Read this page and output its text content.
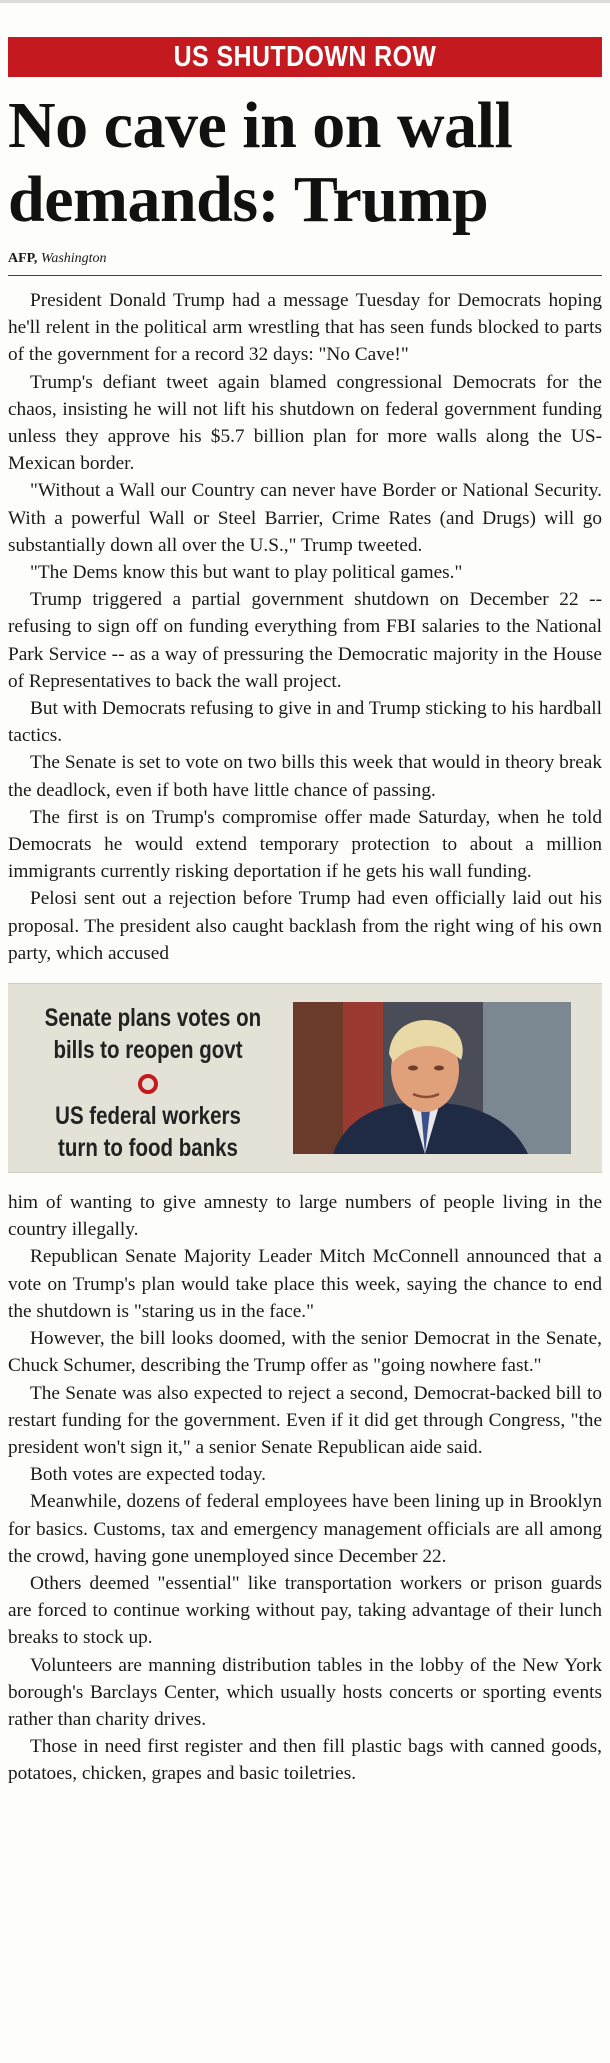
US SHUTDOWN ROW
No cave in on wall
demands: Trump
AFP, Washington

President Donald Trump had a message Tuesday for Democrats hoping he'll relent in the political arm wrestling that has seen funds blocked to parts of the government for a record 32 days: "No Cave!"

Trump's defiant tweet again blamed congressional Democrats for the chaos, insisting he will not lift his shutdown on federal government funding unless they approve his $5.7 billion plan for more walls along the US-Mexican border.

"Without a Wall our Country can never have Border or National Security. With a powerful Wall or Steel Barrier, Crime Rates (and Drugs) will go substantially down all over the U.S.," Trump tweeted.

"The Dems know this but want to play political games."

Trump triggered a partial government shutdown on December 22 -- refusing to sign off on funding everything from FBI salaries to the National Park Service -- as a way of pressuring the Democratic majority in the House of Representatives to back the wall project.

But with Democrats refusing to give in and Trump sticking to his hardball tactics.

The Senate is set to vote on two bills this week that would in theory break the deadlock, even if both have little chance of passing.

The first is on Trump's compromise offer made Saturday, when he told Democrats he would extend temporary protection to about a million immigrants currently risking deportation if he gets his wall funding.

Pelosi sent out a rejection before Trump had even officially laid out his proposal. The president also caught backlash from the right wing of his own party, which accused

Senate plans votes on
bills to reopen govt
US federal workers
turn to food banks

him of wanting to give amnesty to large numbers of people living in the country illegally.

Republican Senate Majority Leader Mitch McConnell announced that a vote on Trump's plan would take place this week, saying the chance to end the shutdown is "staring us in the face."

However, the bill looks doomed, with the senior Democrat in the Senate, Chuck Schumer, describing the Trump offer as "going nowhere fast."

The Senate was also expected to reject a second, Democrat-backed bill to restart funding for the government. Even if it did get through Congress, "the president won't sign it," a senior Senate Republican aide said.

Both votes are expected today.

Meanwhile, dozens of federal employees have been lining up in Brooklyn for basics. Customs, tax and emergency management officials are all among the crowd, having gone unemployed since December 22.

Others deemed "essential" like transportation workers or prison guards are forced to continue working without pay, taking advantage of their lunch breaks to stock up.

Volunteers are manning distribution tables in the lobby of the New York borough's Barclays Center, which usually hosts concerts or sporting events rather than charity drives.

Those in need first register and then fill plastic bags with canned goods, potatoes, chicken, grapes and basic toiletries.
